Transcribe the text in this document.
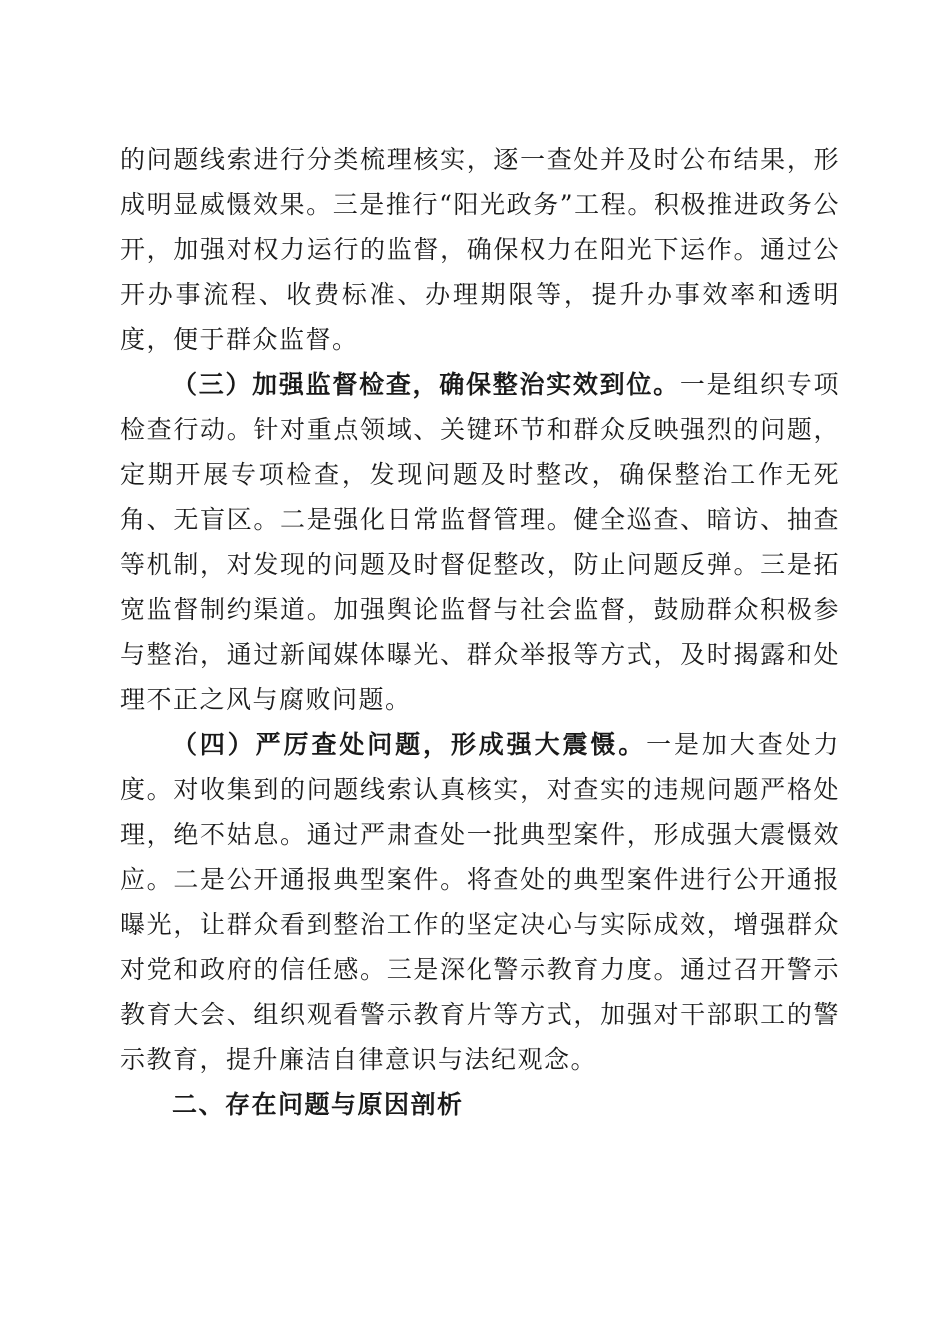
的问题线索进行分类梳理核实，逐一查处并及时公布结果，形成明显威慑效果。三是推行“阳光政务”工程。积极推进政务公开，加强对权力运行的监督，确保权力在阳光下运作。通过公开办事流程、收费标准、办理期限等，提升办事效率和透明度，便于群众监督。

（三）加强监督检查，确保整治实效到位。一是组织专项检查行动。针对重点领域、关键环节和群众反映强烈的问题，定期开展专项检查，发现问题及时整改，确保整治工作无死角、无盲区。二是强化日常监督管理。健全巡查、暗访、抽查等机制，对发现的问题及时督促整改，防止问题反弹。三是拓宽监督制约渠道。加强舆论监督与社会监督，鼓励群众积极参与整治，通过新闻媒体曝光、群众举报等方式，及时揭露和处理不正之风与腐败问题。

（四）严厉查处问题，形成强大震慑。一是加大查处力度。对收集到的问题线索认真核实，对查实的违规问题严格处理，绝不姑息。通过严肃查处一批典型案件，形成强大震慑效应。二是公开通报典型案件。将查处的典型案件进行公开通报曝光，让群众看到整治工作的坚定决心与实际成效，增强群众对党和政府的信任感。三是深化警示教育力度。通过召开警示教育大会、组织观看警示教育片等方式，加强对干部职工的警示教育，提升廉洁自律意识与法纪观念。

二、存在问题与原因剖析
